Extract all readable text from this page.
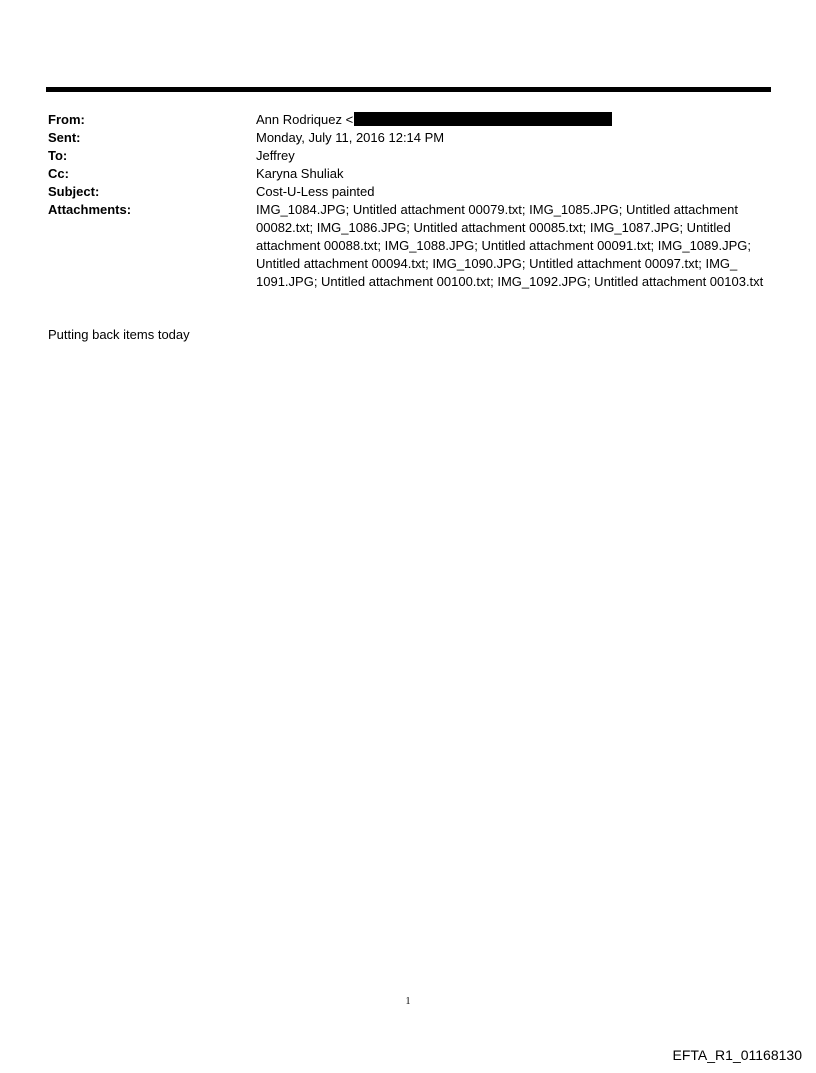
From:	Ann Rodriquez <
Sent:	Monday, July 11, 2016 12:14 PM
To:	Jeffrey
Cc:	Karyna Shuliak
Subject:	Cost-U-Less painted
Attachments:	IMG_1084.JPG; Untitled attachment 00079.txt; IMG_1085.JPG; Untitled attachment
00082.txt; IMG_1086.JPG; Untitled attachment 00085.txt; IMG_1087.JPG; Untitled
attachment 00088.txt; IMG_1088.JPG; Untitled attachment 00091.txt; IMG_1089.JPG;
Untitled attachment 00094.txt; IMG_1090.JPG; Untitled attachment 00097.txt; IMG_
1091.JPG; Untitled attachment 00100.txt; IMG_1092.JPG; Untitled attachment 00103.txt
Putting back items today
1
EFTA_R1_01168130
